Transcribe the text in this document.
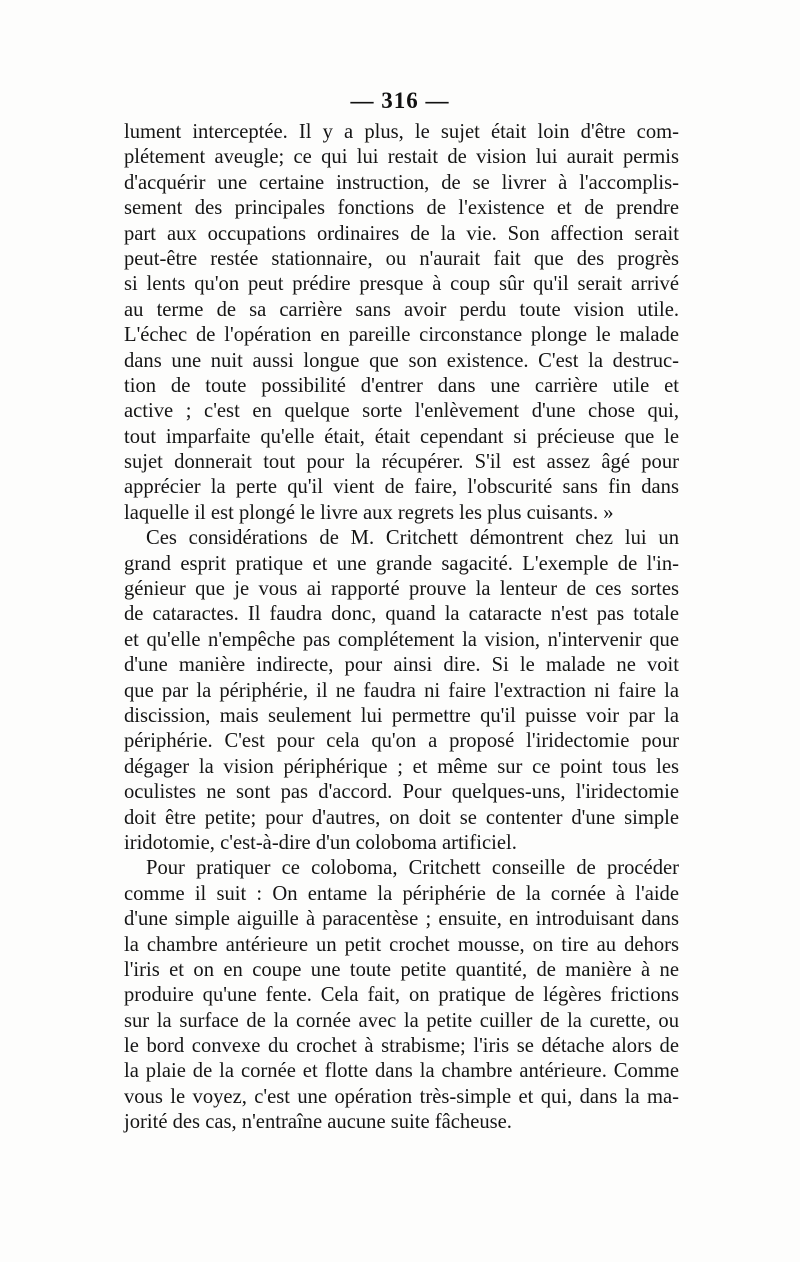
— 316 —
lument interceptée. Il y a plus, le sujet était loin d'être com-
plétement aveugle; ce qui lui restait de vision lui aurait permis
d'acquérir une certaine instruction, de se livrer à l'accomplis-
sement des principales fonctions de l'existence et de prendre
part aux occupations ordinaires de la vie. Son affection serait
peut-être restée stationnaire, ou n'aurait fait que des progrès
si lents qu'on peut prédire presque à coup sûr qu'il serait arrivé
au terme de sa carrière sans avoir perdu toute vision utile.
L'échec de l'opération en pareille circonstance plonge le malade
dans une nuit aussi longue que son existence. C'est la destruc-
tion de toute possibilité d'entrer dans une carrière utile et
active ; c'est en quelque sorte l'enlèvement d'une chose qui,
tout imparfaite qu'elle était, était cependant si précieuse que le
sujet donnerait tout pour la récupérer. S'il est assez âgé pour
apprécier la perte qu'il vient de faire, l'obscurité sans fin dans
laquelle il est plongé le livre aux regrets les plus cuisants. »
Ces considérations de M. Critchett démontrent chez lui un
grand esprit pratique et une grande sagacité. L'exemple de l'in-
génieur que je vous ai rapporté prouve la lenteur de ces sortes
de cataractes. Il faudra donc, quand la cataracte n'est pas totale
et qu'elle n'empêche pas complétement la vision, n'intervenir que
d'une manière indirecte, pour ainsi dire. Si le malade ne voit
que par la périphérie, il ne faudra ni faire l'extraction ni faire la
discission, mais seulement lui permettre qu'il puisse voir par la
périphérie. C'est pour cela qu'on a proposé l'iridectomie pour
dégager la vision périphérique ; et même sur ce point tous les
oculistes ne sont pas d'accord. Pour quelques-uns, l'iridectomie
doit être petite; pour d'autres, on doit se contenter d'une simple
iridotomie, c'est-à-dire d'un coloboma artificiel.
Pour pratiquer ce coloboma, Critchett conseille de procéder
comme il suit : On entame la périphérie de la cornée à l'aide
d'une simple aiguille à paracentèse ; ensuite, en introduisant dans
la chambre antérieure un petit crochet mousse, on tire au dehors
l'iris et on en coupe une toute petite quantité, de manière à ne
produire qu'une fente. Cela fait, on pratique de légères frictions
sur la surface de la cornée avec la petite cuiller de la curette, ou
le bord convexe du crochet à strabisme; l'iris se détache alors de
la plaie de la cornée et flotte dans la chambre antérieure. Comme
vous le voyez, c'est une opération très-simple et qui, dans la ma-
jorité des cas, n'entraîne aucune suite fâcheuse.
